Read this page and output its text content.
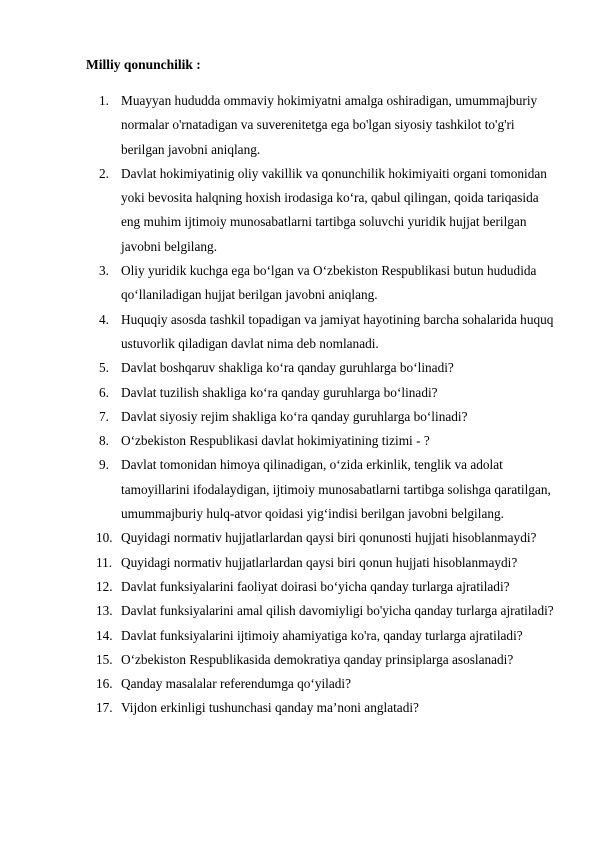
Milliy qonunchilik :
1. Muayyan hududda ommaviy hokimiyatni amalga oshiradigan, umummajburiy normalar o'rnatadigan va suverenitetga ega bo'lgan siyosiy tashkilot to'g'ri berilgan javobni aniqlang.
2. Davlat hokimiyatinig oliy vakillik va qonunchilik hokimiyaiti organi tomonidan yoki bevosita halqning hoxish irodasiga ko‘ra, qabul qilingan, qoida tariqasida eng muhim ijtimoiy munosabatlarni tartibga soluvchi yuridik hujjat berilgan javobni belgilang.
3. Oliy yuridik kuchga ega bo‘lgan va O‘zbekiston Respublikasi butun hududida qo‘llaniladigan hujjat berilgan javobni aniqlang.
4. Huquqiy asosda tashkil topadigan va jamiyat hayotining barcha sohalarida huquq ustuvorlik qiladigan davlat nima deb nomlanadi.
5. Davlat boshqaruv shakliga ko‘ra qanday guruhlarga bo‘linadi?
6. Davlat tuzilish shakliga ko‘ra qanday guruhlarga bo‘linadi?
7. Davlat siyosiy rejim shakliga ko‘ra qanday guruhlarga bo‘linadi?
8. O‘zbekiston Respublikasi davlat hokimiyatining tizimi - ?
9. Davlat tomonidan himoya qilinadigan, o‘zida erkinlik, tenglik va adolat tamoyillarini ifodalaydigan, ijtimoiy munosabatlarni tartibga solishga qaratilgan, umummajburiy hulq-atvor qoidasi yig‘indisi berilgan javobni belgilang.
10. Quyidagi normativ hujjatlarlardan qaysi biri qonunosti hujjati hisoblanmaydi?
11. Quyidagi normativ hujjatlarlardan qaysi biri qonun hujjati hisoblanmaydi?
12. Davlat funksiyalarini faoliyat doirasi bo‘yicha qanday turlarga ajratiladi?
13. Davlat funksiyalarini amal qilish davomiyligi bo'yicha qanday turlarga ajratiladi?
14. Davlat funksiyalarini ijtimoiy ahamiyatiga ko'ra, qanday turlarga ajratiladi?
15. O‘zbekiston Respublikasida demokratiya qanday prinsiplarga asoslanadi?
16. Qanday masalalar referendumga qo‘yiladi?
17. Vijdon erkinligi tushunchasi qanday ma’noni anglatadi?
